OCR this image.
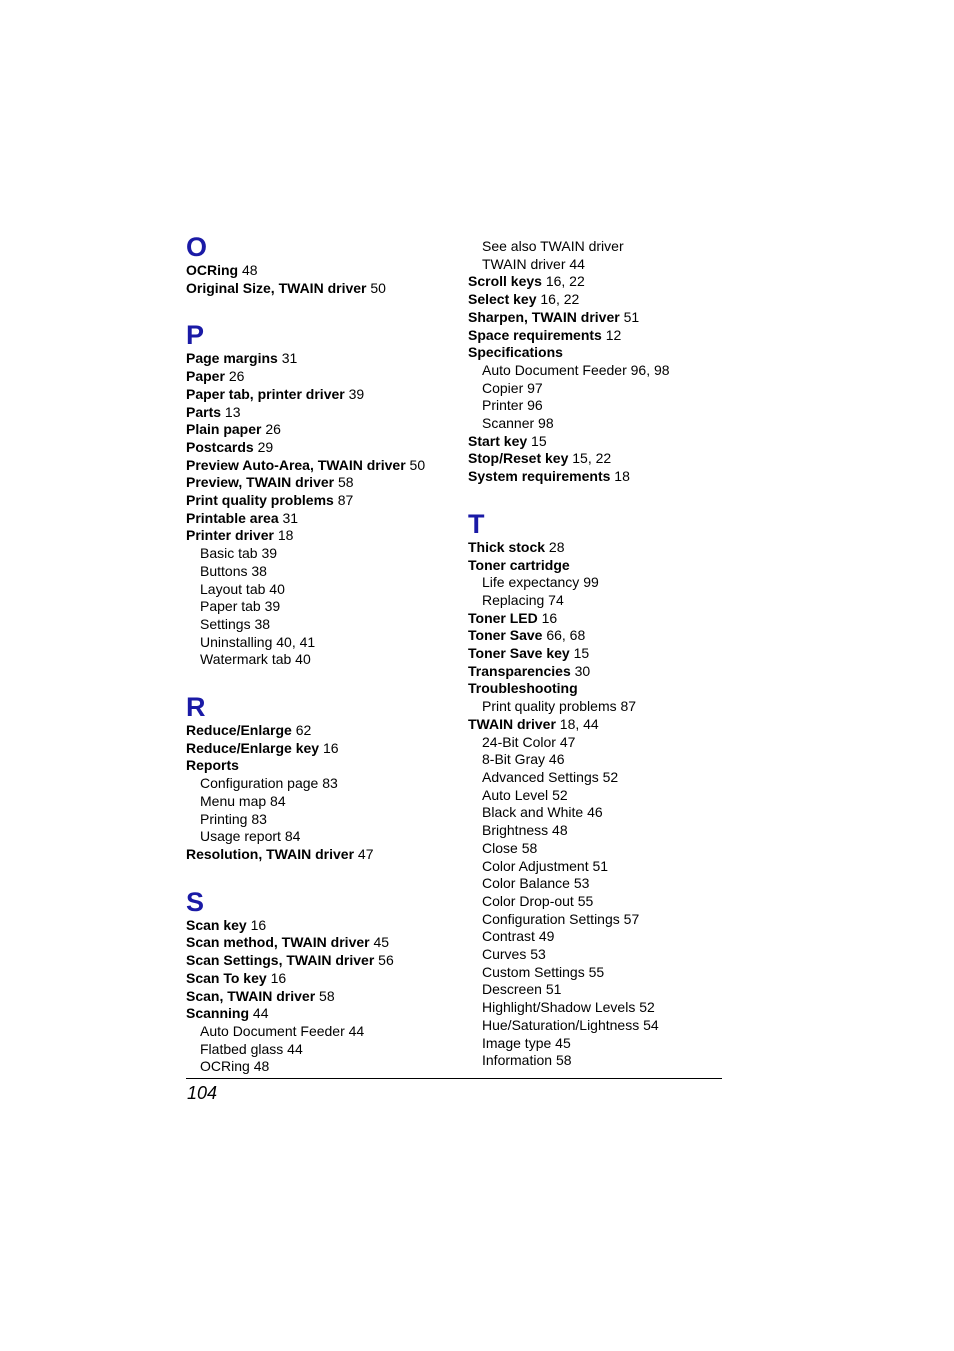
O
OCRing 48
Original Size, TWAIN driver 50
P
Page margins 31
Paper 26
Paper tab, printer driver 39
Parts 13
Plain paper 26
Postcards 29
Preview Auto-Area, TWAIN driver 50
Preview, TWAIN driver 58
Print quality problems 87
Printable area 31
Printer driver 18
Basic tab 39
Buttons 38
Layout tab 40
Paper tab 39
Settings 38
Uninstalling 40, 41
Watermark tab 40
R
Reduce/Enlarge 62
Reduce/Enlarge key 16
Reports
Configuration page 83
Menu map 84
Printing 83
Usage report 84
Resolution, TWAIN driver 47
S
Scan key 16
Scan method, TWAIN driver 45
Scan Settings, TWAIN driver 56
Scan To key 16
Scan, TWAIN driver 58
Scanning 44
Auto Document Feeder 44
Flatbed glass 44
OCRing 48
See also TWAIN driver
TWAIN driver 44
Scroll keys 16, 22
Select key 16, 22
Sharpen, TWAIN driver 51
Space requirements 12
Specifications
Auto Document Feeder 96, 98
Copier 97
Printer 96
Scanner 98
Start key 15
Stop/Reset key 15, 22
System requirements 18
T
Thick stock 28
Toner cartridge
Life expectancy 99
Replacing 74
Toner LED 16
Toner Save 66, 68
Toner Save key 15
Transparencies 30
Troubleshooting
Print quality problems 87
TWAIN driver 18, 44
24-Bit Color 47
8-Bit Gray 46
Advanced Settings 52
Auto Level 52
Black and White 46
Brightness 48
Close 58
Color Adjustment 51
Color Balance 53
Color Drop-out 55
Configuration Settings 57
Contrast 49
Curves 53
Custom Settings 55
Descreen 51
Highlight/Shadow Levels 52
Hue/Saturation/Lightness 54
Image type 45
Information 58
104
